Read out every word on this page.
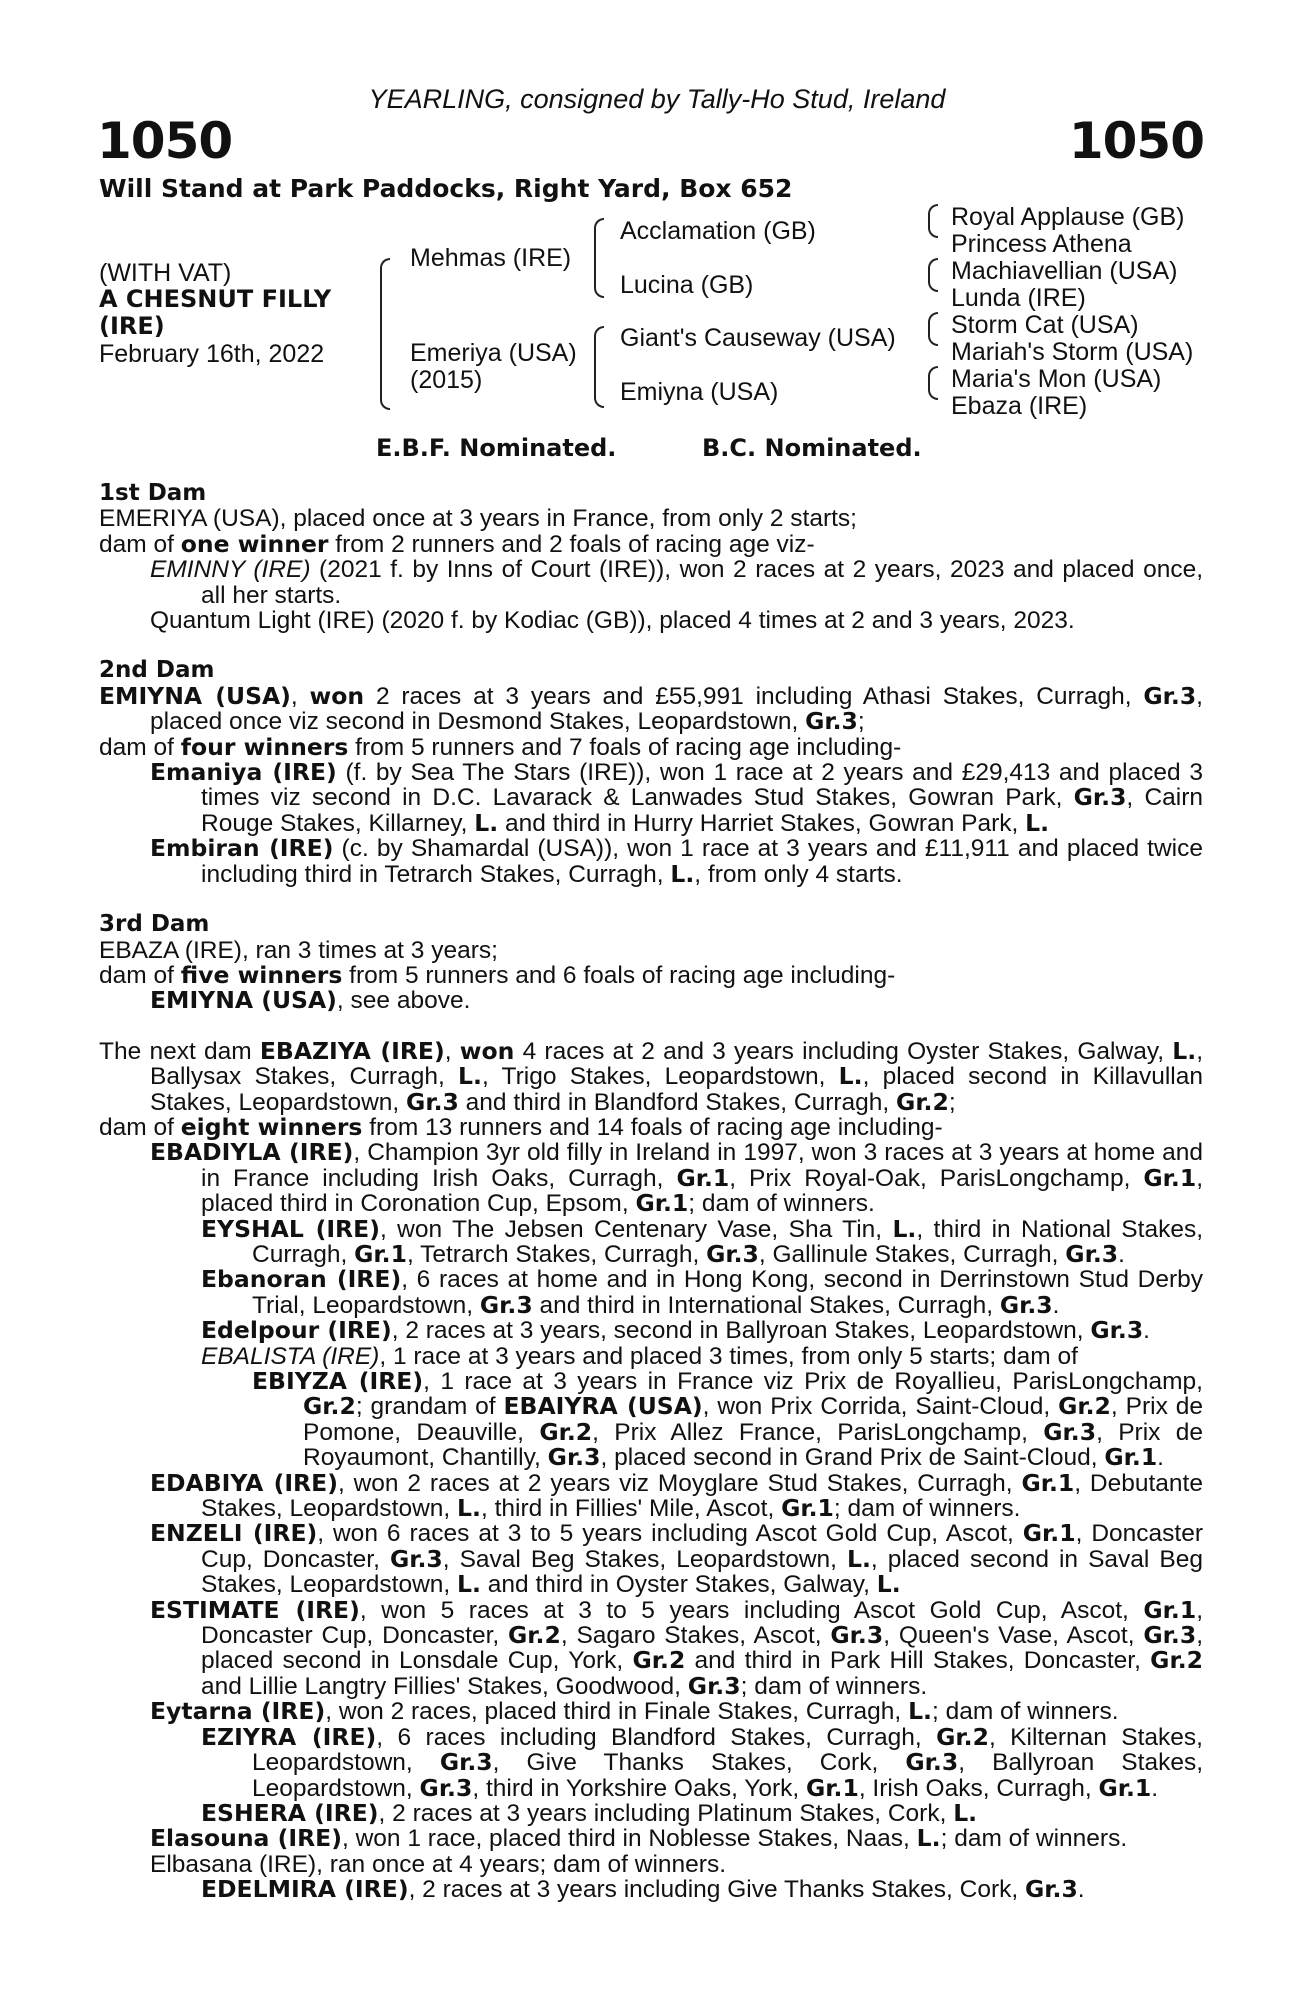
YEARLING, consigned by Tally-Ho Stud, Ireland
1050	1050
Will Stand at Park Paddocks, Right Yard, Box 652
(WITH VAT)
A CHESNUT FILLY
(IRE)
February 16th, 2022
Mehmas (IRE)
Emeriya (USA)
(2015)
Acclamation (GB)
Lucina (GB)
Giant's Causeway (USA)
Emiyna (USA)
Royal Applause (GB)
Princess Athena
Machiavellian (USA)
Lunda (IRE)
Storm Cat (USA)
Mariah's Storm (USA)
Maria's Mon (USA)
Ebaza (IRE)
E.B.F. Nominated.	B.C. Nominated.
1st Dam
EMERIYA (USA), placed once at 3 years in France, from only 2 starts;
dam of one winner from 2 runners and 2 foals of racing age viz-
EMINNY (IRE) (2021 f. by Inns of Court (IRE)), won 2 races at 2 years, 2023 and placed once, all her starts.
Quantum Light (IRE) (2020 f. by Kodiac (GB)), placed 4 times at 2 and 3 years, 2023.
2nd Dam
EMIYNA (USA), won 2 races at 3 years and £55,991 including Athasi Stakes, Curragh, Gr.3, placed once viz second in Desmond Stakes, Leopardstown, Gr.3;
dam of four winners from 5 runners and 7 foals of racing age including-
Emaniya (IRE) (f. by Sea The Stars (IRE)), won 1 race at 2 years and £29,413 and placed 3 times viz second in D.C. Lavarack & Lanwades Stud Stakes, Gowran Park, Gr.3, Cairn Rouge Stakes, Killarney, L. and third in Hurry Harriet Stakes, Gowran Park, L.
Embiran (IRE) (c. by Shamardal (USA)), won 1 race at 3 years and £11,911 and placed twice including third in Tetrarch Stakes, Curragh, L., from only 4 starts.
3rd Dam
EBAZA (IRE), ran 3 times at 3 years;
dam of five winners from 5 runners and 6 foals of racing age including-
EMIYNA (USA), see above.
The next dam EBAZIYA (IRE), won 4 races at 2 and 3 years including Oyster Stakes, Galway, L., Ballysax Stakes, Curragh, L., Trigo Stakes, Leopardstown, L., placed second in Killavullan Stakes, Leopardstown, Gr.3 and third in Blandford Stakes, Curragh, Gr.2;
dam of eight winners from 13 runners and 14 foals of racing age including-
EBADIYLA (IRE), Champion 3yr old filly in Ireland in 1997, won 3 races at 3 years at home and in France including Irish Oaks, Curragh, Gr.1, Prix Royal-Oak, ParisLongchamp, Gr.1, placed third in Coronation Cup, Epsom, Gr.1; dam of winners.
EYSHAL (IRE), won The Jebsen Centenary Vase, Sha Tin, L., third in National Stakes, Curragh, Gr.1, Tetrarch Stakes, Curragh, Gr.3, Gallinule Stakes, Curragh, Gr.3.
Ebanoran (IRE), 6 races at home and in Hong Kong, second in Derrinstown Stud Derby Trial, Leopardstown, Gr.3 and third in International Stakes, Curragh, Gr.3.
Edelpour (IRE), 2 races at 3 years, second in Ballyroan Stakes, Leopardstown, Gr.3.
EBALISTA (IRE), 1 race at 3 years and placed 3 times, from only 5 starts; dam of
EBIYZA (IRE), 1 race at 3 years in France viz Prix de Royallieu, ParisLongchamp, Gr.2; grandam of EBAIYRA (USA), won Prix Corrida, Saint-Cloud, Gr.2, Prix de Pomone, Deauville, Gr.2, Prix Allez France, ParisLongchamp, Gr.3, Prix de Royaumont, Chantilly, Gr.3, placed second in Grand Prix de Saint-Cloud, Gr.1.
EDABIYA (IRE), won 2 races at 2 years viz Moyglare Stud Stakes, Curragh, Gr.1, Debutante Stakes, Leopardstown, L., third in Fillies' Mile, Ascot, Gr.1; dam of winners.
ENZELI (IRE), won 6 races at 3 to 5 years including Ascot Gold Cup, Ascot, Gr.1, Doncaster Cup, Doncaster, Gr.3, Saval Beg Stakes, Leopardstown, L., placed second in Saval Beg Stakes, Leopardstown, L. and third in Oyster Stakes, Galway, L.
ESTIMATE (IRE), won 5 races at 3 to 5 years including Ascot Gold Cup, Ascot, Gr.1, Doncaster Cup, Doncaster, Gr.2, Sagaro Stakes, Ascot, Gr.3, Queen's Vase, Ascot, Gr.3, placed second in Lonsdale Cup, York, Gr.2 and third in Park Hill Stakes, Doncaster, Gr.2 and Lillie Langtry Fillies' Stakes, Goodwood, Gr.3; dam of winners.
Eytarna (IRE), won 2 races, placed third in Finale Stakes, Curragh, L.; dam of winners.
EZIYRA (IRE), 6 races including Blandford Stakes, Curragh, Gr.2, Kilternan Stakes, Leopardstown, Gr.3, Give Thanks Stakes, Cork, Gr.3, Ballyroan Stakes, Leopardstown, Gr.3, third in Yorkshire Oaks, York, Gr.1, Irish Oaks, Curragh, Gr.1.
ESHERA (IRE), 2 races at 3 years including Platinum Stakes, Cork, L.
Elasouna (IRE), won 1 race, placed third in Noblesse Stakes, Naas, L.; dam of winners.
Elbasana (IRE), ran once at 4 years; dam of winners.
EDELMIRA (IRE), 2 races at 3 years including Give Thanks Stakes, Cork, Gr.3.
